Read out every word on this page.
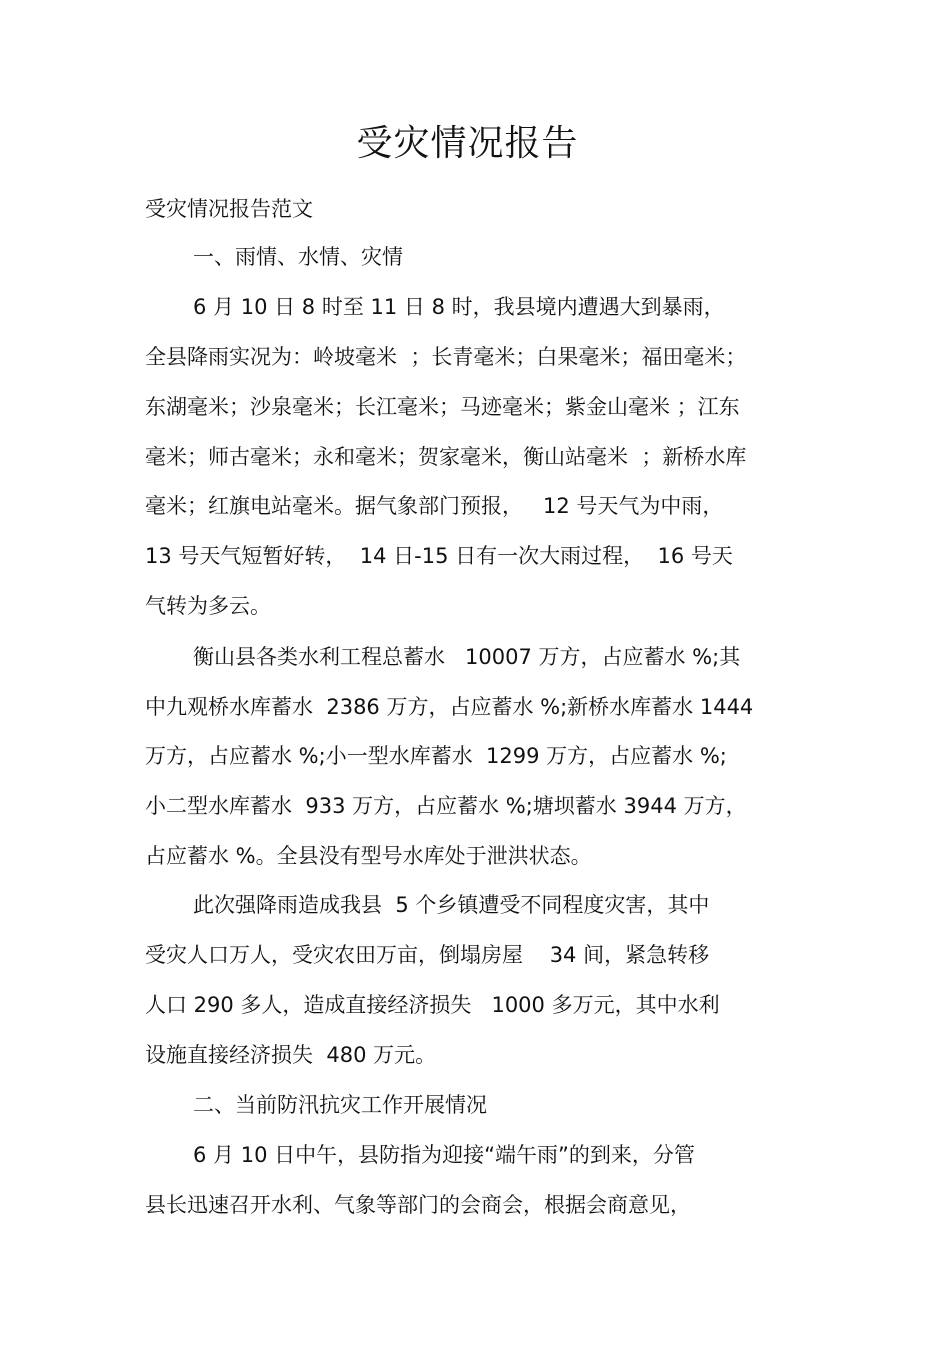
受灾情况报告

受灾情况报告范文

一、雨情、水情、灾情

6 月 10 日 8 时至 11 日 8 时，我县境内遭遇大到暴雨，

全县降雨实况为：岭坡毫米  ；长青毫米；白果毫米；福田毫米；

东湖毫米；沙泉毫米；长江毫米；马迹毫米；紫金山毫米 ；江东

毫米；师古毫米；永和毫米；贺家毫米，衡山站毫米  ；新桥水库

毫米；红旗电站毫米。据气象部门预报，   12 号天气为中雨，

13 号天气短暂好转，  14 日-15 日有一次大雨过程，  16 号天

气转为多云。

衡山县各类水利工程总蓄水   10007 万方，占应蓄水 %;其

中九观桥水库蓄水  2386 万方，占应蓄水 %;新桥水库蓄水 1444

万方，占应蓄水 %;小一型水库蓄水  1299 万方，占应蓄水 %;

小二型水库蓄水  933 万方，占应蓄水 %;塘坝蓄水 3944 万方，

占应蓄水 %。全县没有型号水库处于泄洪状态。

此次强降雨造成我县  5 个乡镇遭受不同程度灾害，其中

受灾人口万人，受灾农田万亩，倒塌房屋    34 间，紧急转移

人口 290 多人，造成直接经济损失   1000 多万元，其中水利

设施直接经济损失  480 万元。

二、当前防汛抗灾工作开展情况

6 月 10 日中午，县防指为迎接“端午雨”的到来，分管

县长迅速召开水利、气象等部门的会商会，根据会商意见，
